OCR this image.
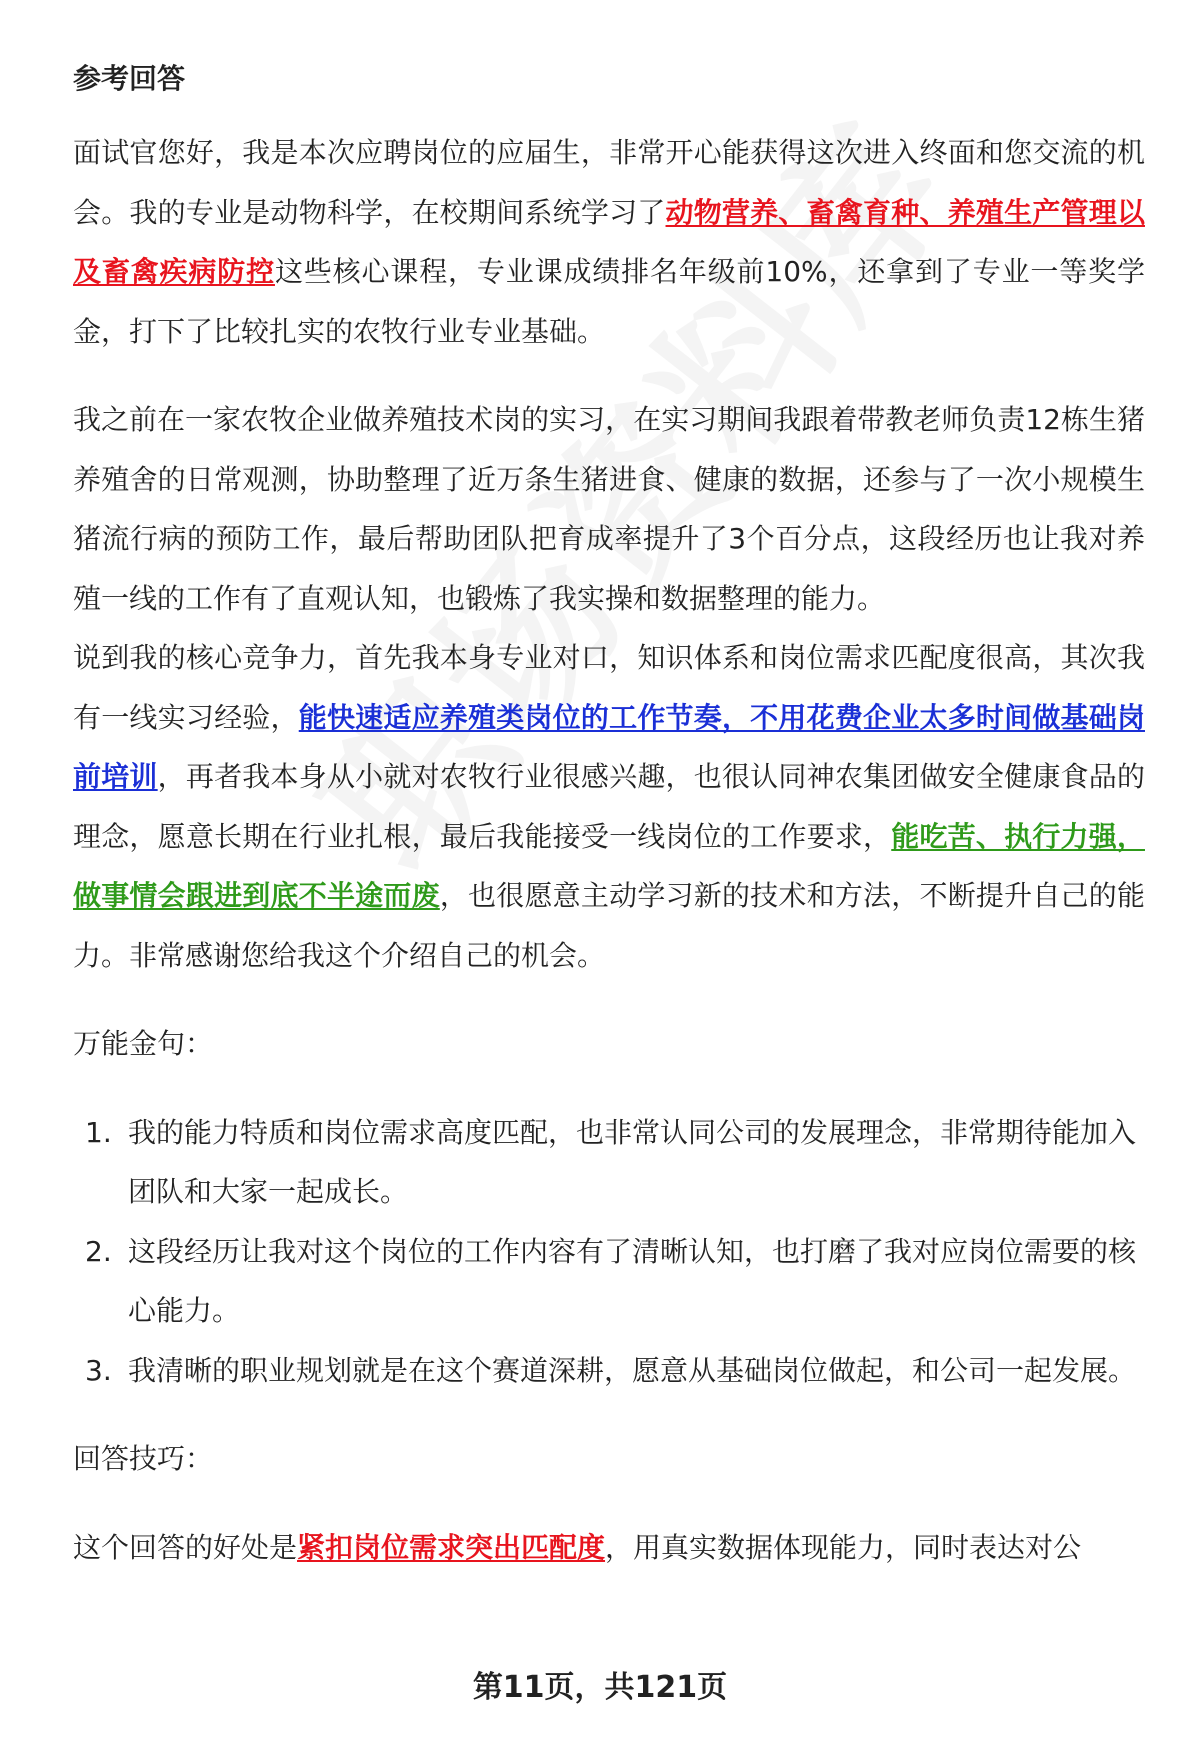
参考回答

面试官您好，我是本次应聘岗位的应届生，非常开心能获得这次进入终面和您交流的机会。我的专业是动物科学，在校期间系统学习了动物营养、畜禽育种、养殖生产管理以及畜禽疾病防控这些核心课程，专业课成绩排名年级前10%，还拿到了专业一等奖学金，打下了比较扎实的农牧行业专业基础。

我之前在一家农牧企业做养殖技术岗的实习，在实习期间我跟着带教老师负责12栋生猪养殖舍的日常观测，协助整理了近万条生猪进食、健康的数据，还参与了一次小规模生猪流行病的预防工作，最后帮助团队把育成率提升了3个百分点，这段经历也让我对养殖一线的工作有了直观认知，也锻炼了我实操和数据整理的能力。

说到我的核心竞争力，首先我本身专业对口，知识体系和岗位需求匹配度很高，其次我有一线实习经验，能快速适应养殖类岗位的工作节奏，不用花费企业太多时间做基础岗前培训，再者我本身从小就对农牧行业很感兴趣，也很认同神农集团做安全健康食品的理念，愿意长期在行业扎根，最后我能接受一线岗位的工作要求，能吃苦、执行力强，做事情会跟进到底不半途而废，也很愿意主动学习新的技术和方法，不断提升自己的能力。非常感谢您给我这个介绍自己的机会。

万能金句：

1. 我的能力特质和岗位需求高度匹配，也非常认同公司的发展理念，非常期待能加入团队和大家一起成长。
2. 这段经历让我对这个岗位的工作内容有了清晰认知，也打磨了我对应岗位需要的核心能力。
3. 我清晰的职业规划就是在这个赛道深耕，愿意从基础岗位做起，和公司一起发展。

回答技巧：

这个回答的好处是紧扣岗位需求突出匹配度，用真实数据体现能力，同时表达对公

第11页，共121页
